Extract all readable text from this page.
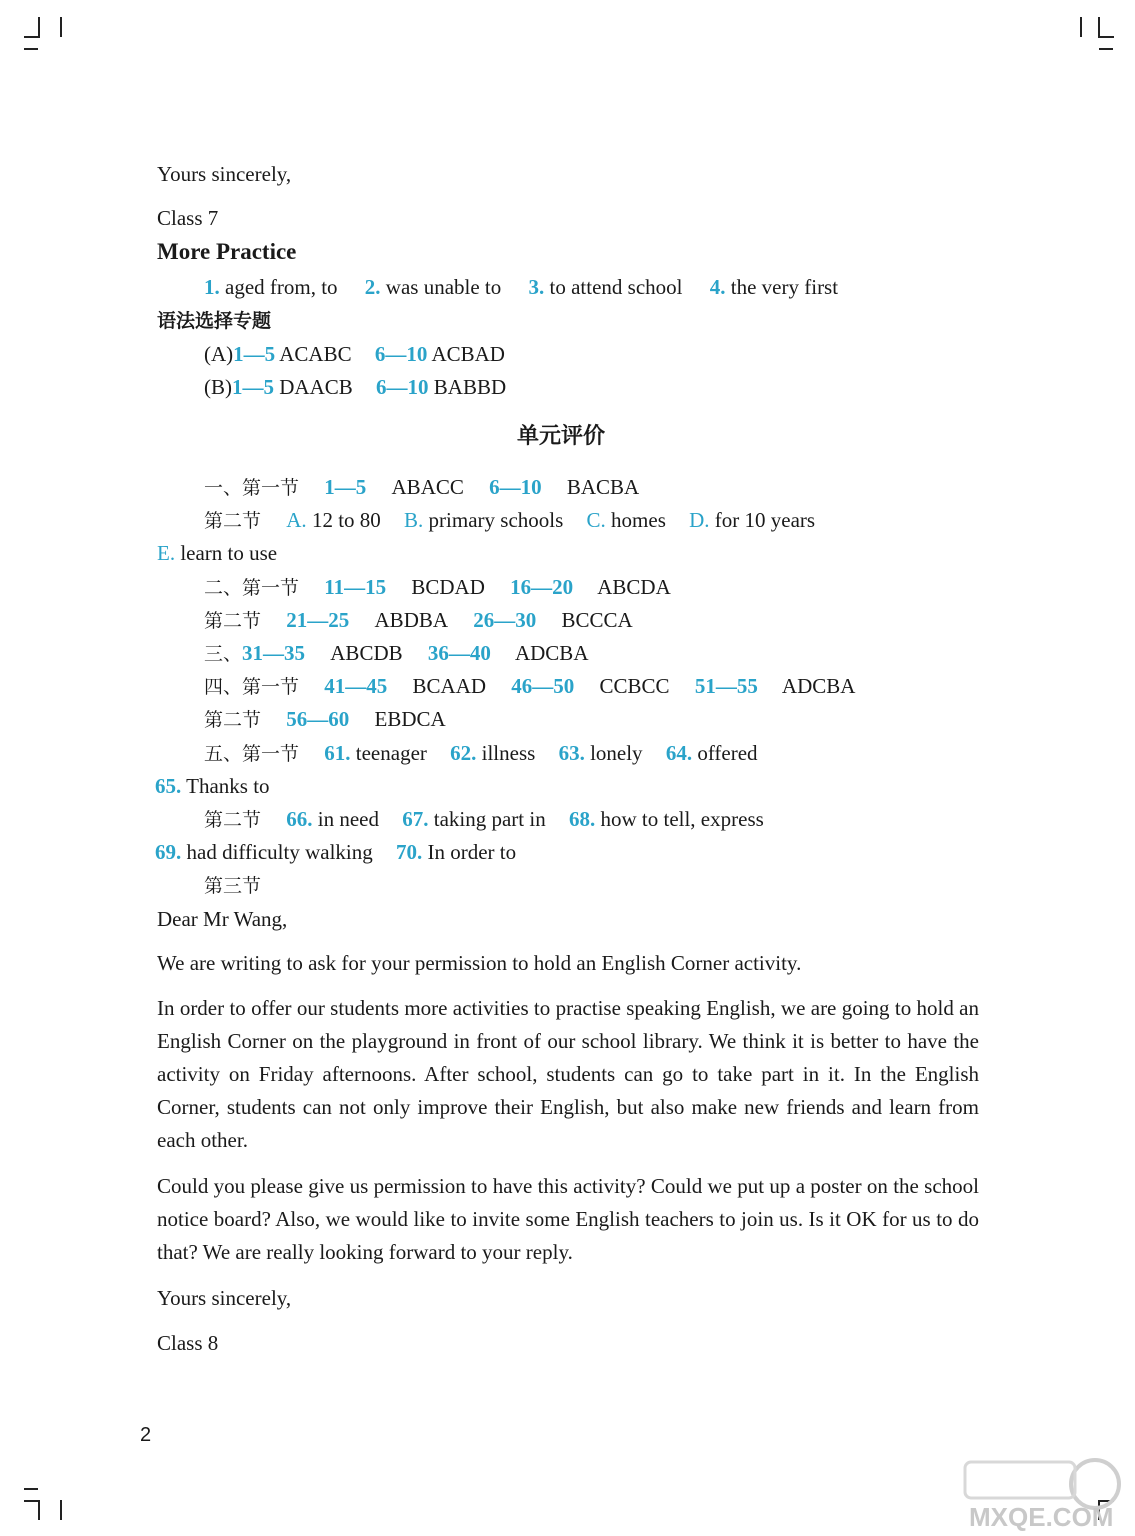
Yours sincerely,
Class 7
More Practice
1. aged from, to 2. was unable to 3. to attend school 4. the very first
语法选择专题
(A)1—5 ACABC 6—10 ACBAD
(B)1—5 DAACB 6—10 BABBD
单元评价
一、第一节 1—5 ABACC 6—10 BACBA
第二节 A. 12 to 80 B. primary schools C. homes D. for 10 years
E. learn to use
二、第一节 11—15 BCDAD 16—20 ABCDA
第二节 21—25 ABDBA 26—30 BCCCA
三、31—35 ABCDB 36—40 ADCBA
四、第一节 41—45 BCAAD 46—50 CCBCC 51—55 ADCBA
第二节 56—60 EBDCA
五、第一节 61. teenager 62. illness 63. lonely 64. offered
65. Thanks to
第二节 66. in need 67. taking part in 68. how to tell, express
69. had difficulty walking 70. In order to
第三节
Dear Mr Wang,
We are writing to ask for your permission to hold an English Corner activity.
In order to offer our students more activities to practise speaking English, we are going to hold an English Corner on the playground in front of our school library. We think it is better to have the activity on Friday afternoons. After school, students can go to take part in it. In the English Corner, students can not only improve their English, but also make new friends and learn from each other.
Could you please give us permission to have this activity? Could we put up a poster on the school notice board? Also, we would like to invite some English teachers to join us. Is it OK for us to do that? We are really looking forward to your reply.
Yours sincerely,
Class 8
2
MXQE.COM
